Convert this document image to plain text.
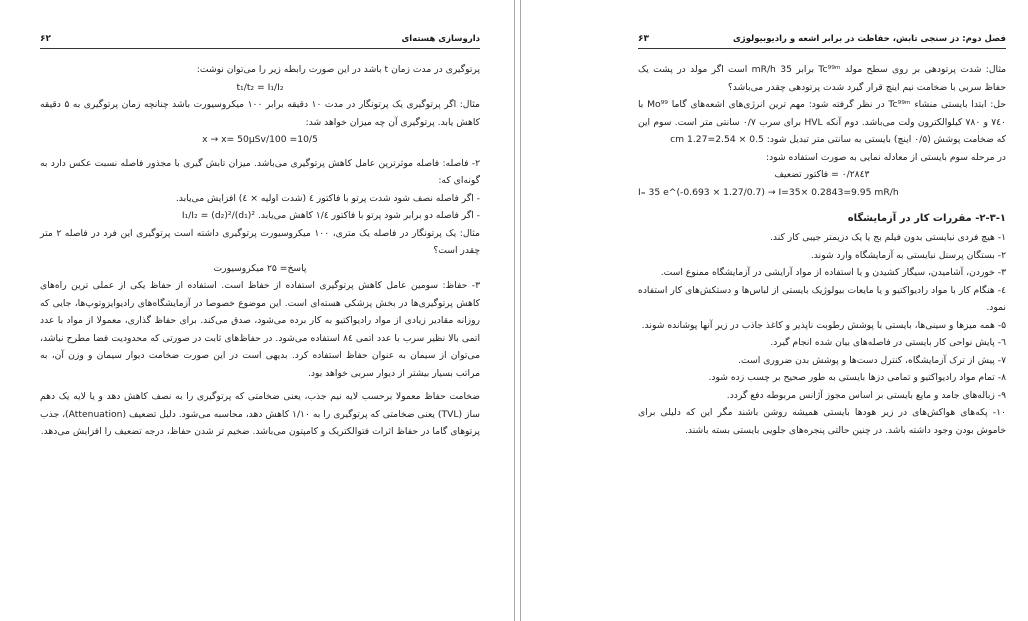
داروسازی هسته‌ای
۶۲

پرتوگیری در مدت زمان t باشد در این صورت رابطه زیر را می‌توان نوشت:

t₁/t₂ = I₁/I₂

مثال: اگر پرتوگیری یک پرتونگار در مدت ۱۰ دقیقه برابر ۱۰۰ میکروسیورت باشد چنانچه زمان پرتوگیری به ۵ دقیقه کاهش یابد. پرتوگیری آن چه میزان خواهد شد:

10/5= 100/x → x= 50µSv

۲- فاصله: فاصله موثرترین عامل کاهش پرتوگیری می‌باشد. میزان تابش گیری با مجذور فاصله نسبت عکس دارد به گونه‌ای که:

- اگر فاصله نصف شود شدت پرتو با فاکتور ٤ (شدت اولیه × ٤) افزایش می‌یابد.

- اگر فاصله دو برابر شود پرتو با فاکتور ۱/٤ کاهش می‌یابد. I₁/I₂ = (d₂)²/(d₁)²

مثال: یک پرتونگار در فاصله یک متری، ۱۰۰ میکروسیورت پرتوگیری داشته است پرتوگیری این فرد در فاصله ۲ متر چقدر است؟

پاسخ= ۲۵ میکروسیورت

۳- حفاظ: سومین عامل کاهش پرتوگیری استفاده از حفاظ است. استفاده از حفاظ یکی از عملی ترین راه‌های کاهش پرتوگیری‌ها در بخش پزشکی هسته‌ای است. این موضوع خصوصا در آزمایشگاه‌های رادیوایزوتوپ‌ها، جایی که روزانه مقادیر زیادی از مواد رادیواکتیو به کار برده می‌شود، صدق می‌کند. برای حفاظ گذاری، معمولا از مواد با عدد اتمی بالا نظیر سرب با عدد اتمی ۸٤ استفاده می‌شود. در حفاظ‌های ثابت در صورتی که محدودیت فضا مطرح نباشد، می‌توان از سیمان به عنوان حفاظ استفاده کرد. بدیهی است در این صورت ضخامت دیوار سیمان و وزن آن، به مراتب بسیار بیشتر از دیوار سربی خواهد بود.

ضخامت حفاظ معمولا برحسب لایه نیم جذب، یعنی ضخامتی که پرتوگیری را به نصف کاهش دهد و یا لایه یک دهم ساز (TVL) یعنی ضخامتی که پرتوگیری را به ۱/۱۰ کاهش دهد، محاسبه می‌شود. دلیل تضعیف (Attenuation)، جذب پرتوهای گاما در حفاظ اثرات فتوالکتریک و کامپتون می‌باشد. ضخیم تر شدن حفاظ، درجه تضعیف را افزایش می‌دهد.

فصل دوم: دز سنجی تابش، حفاظت در برابر اشعه و رادیوبیولوژی
۶۳

مثال: شدت پرتودهی بر روی سطح مولد Tc⁹⁹ᵐ برابر 35 mR/h است اگر مولد در پشت یک حفاظ سربی با ضخامت نیم اینچ قرار گیرد شدت پرتودهی چقدر می‌باشد؟

حل: ابتدا بایستی منشاء Tc⁹⁹ᵐ در نظر گرفته شود: مهم ترین انرژی‌های اشعه‌های گاما Mo⁹⁹ با ۷٤۰ و ۷۸۰ کیلوالکترون ولت می‌باشد. دوم آنکه HVL برای سرب ۰/۷ سانتی متر است. سوم این که ضخامت پوشش (۰/۵ اینچ) بایستی به سانتی متر تبدیل شود: 0.5 × 2.54=1.27 cm

در مرحله سوم بایستی از معادله نمایی به صورت استفاده شود:

۰/۲۸٤۳ = فاکتور تضعیف

I₌ 35 e^(-0.693 × 1.27/0.7) → I=35× 0.2843=9.95 mR/h

۲-۳-۱- مقررات کار در آزمایشگاه

۱- هیچ فردی نبایستی بدون فیلم بج یا یک دزیمتر جیبی کار کند.

۲- بستگان پرسنل نبایستی به آزمایشگاه وارد شوند.

۳- خوردن، آشامیدن، سیگار کشیدن و یا استفاده از مواد آرایشی در آزمایشگاه ممنوع است.

٤- هنگام کار با مواد رادیواکتیو و یا مایعات بیولوژیک بایستی از لباس‌ها و دستکش‌های کار استفاده نمود.

۵- همه میزها و سینی‌ها، بایستی با پوشش رطوبت ناپذیر و کاغذ جاذب در زیر آنها پوشانده شوند.

٦- پایش نواحی کار بایستی در فاصله‌های بیان شده انجام گیرد.

۷- پیش از ترک آزمایشگاه، کنترل دست‌ها و پوشش بدن ضروری است.

۸- تمام مواد رادیواکتیو و تمامی دزها بایستی به طور صحیح بر چسب زده شود.

۹- زباله‌های جامد و مایع بایستی بر اساس مجوز آژانس مربوطه دفع گردد.

۱۰- پکه‌های هواکش‌های در زیر هودها بایستی همیشه روشن باشند مگر این که دلیلی برای خاموش بودن وجود داشته باشد. در چنین حالتی پنجره‌های جلویی بایستی بسته باشند.
